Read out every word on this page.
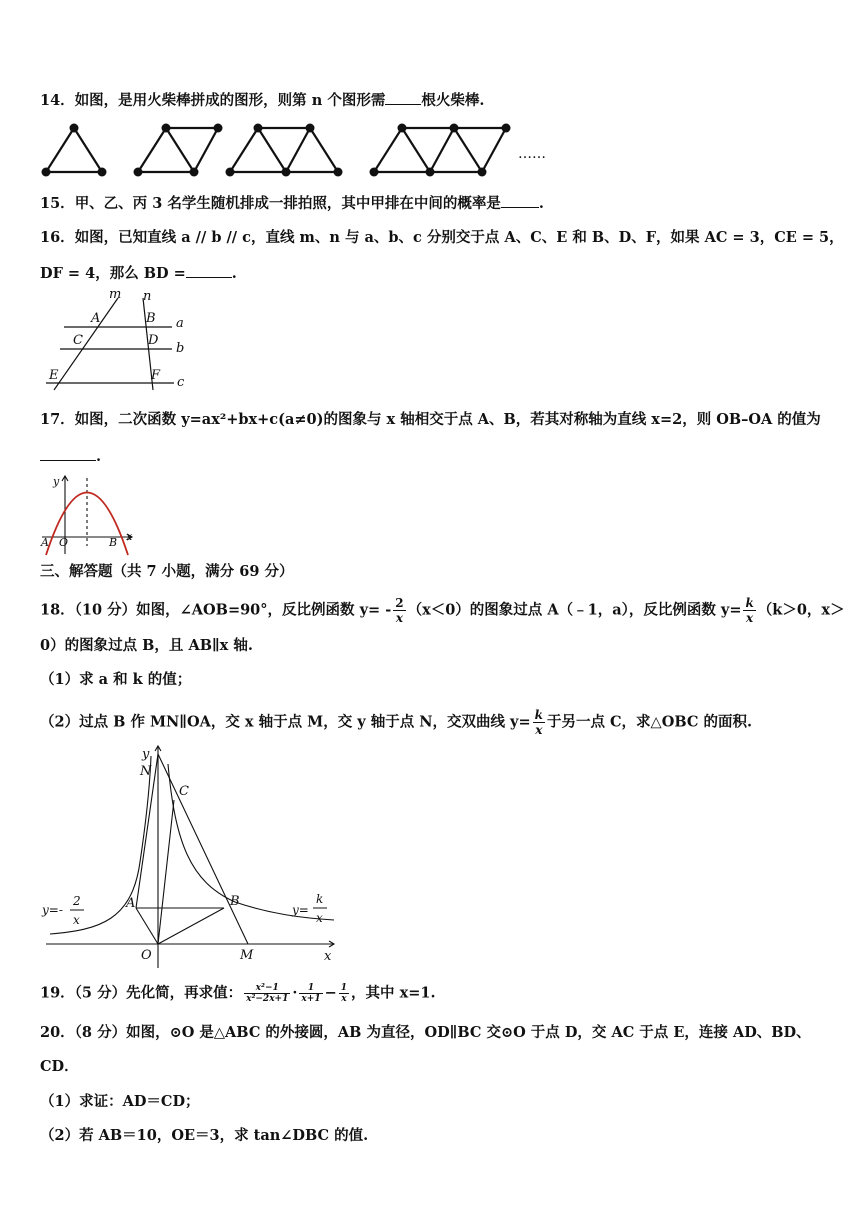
14．如图，是用火柴棒拼成的图形，则第 n 个图形需 根火柴棒.
……
15．甲、乙、丙 3 名学生随机排成一排拍照，其中甲排在中间的概率是	.
16．如图，已知直线 a // b // c，直线 m、n 与 a、b、c 分别交于点 A、C、E 和 B、D、F，如果 AC = 3，CE = 5，
DF = 4，那么 BD =	.
m n
A	B a
C	D
b
E	F c
17．如图，二次函数 y=ax²+bx+c(a≠0)的图象与 x 轴相交于点 A、B，若其对称轴为直线 x=2，则 OB–OA 的值为
.
y
x
A O	B
三、解答题（共 7 小题，满分 69 分）
18．（10 分）如图，∠AOB=90°，反比例函数 $y= - \frac{2}{x} (x<0)$的图象过点 A（﹣1，a），反比例函数 $y= \frac{k}{x} (k>0$，x＞
0）的图象过点 B，且 AB∥x 轴.
（1）求 a 和 k 的值；
（2）过点 B 作 MN∥OA，交 x 轴于点 M，交 y 轴于点 N，交双曲线 $y= \frac{k}{x}$ 于另一点 C，求△OBC 的面积.
y
N
C
A	B
O	M	x
y=-
2
x
y=
k
x
19．（5 分）先化简，再求值： $\frac{\text{x²−1}}{\text{x²−2x+1}} \cdot \frac{1}{x+1} - \frac{1}{x}$ ，其中 x=1.
20．（8 分）如图，⊙O 是△ABC 的外接圆，AB 为直径，OD∥BC 交⊙O 于点 D，交 AC 于点 E，连接 AD、BD、
CD．
（1）求证：AD＝CD；
（2）若 AB＝10，OE＝3，求 tan∠DBC 的值.
